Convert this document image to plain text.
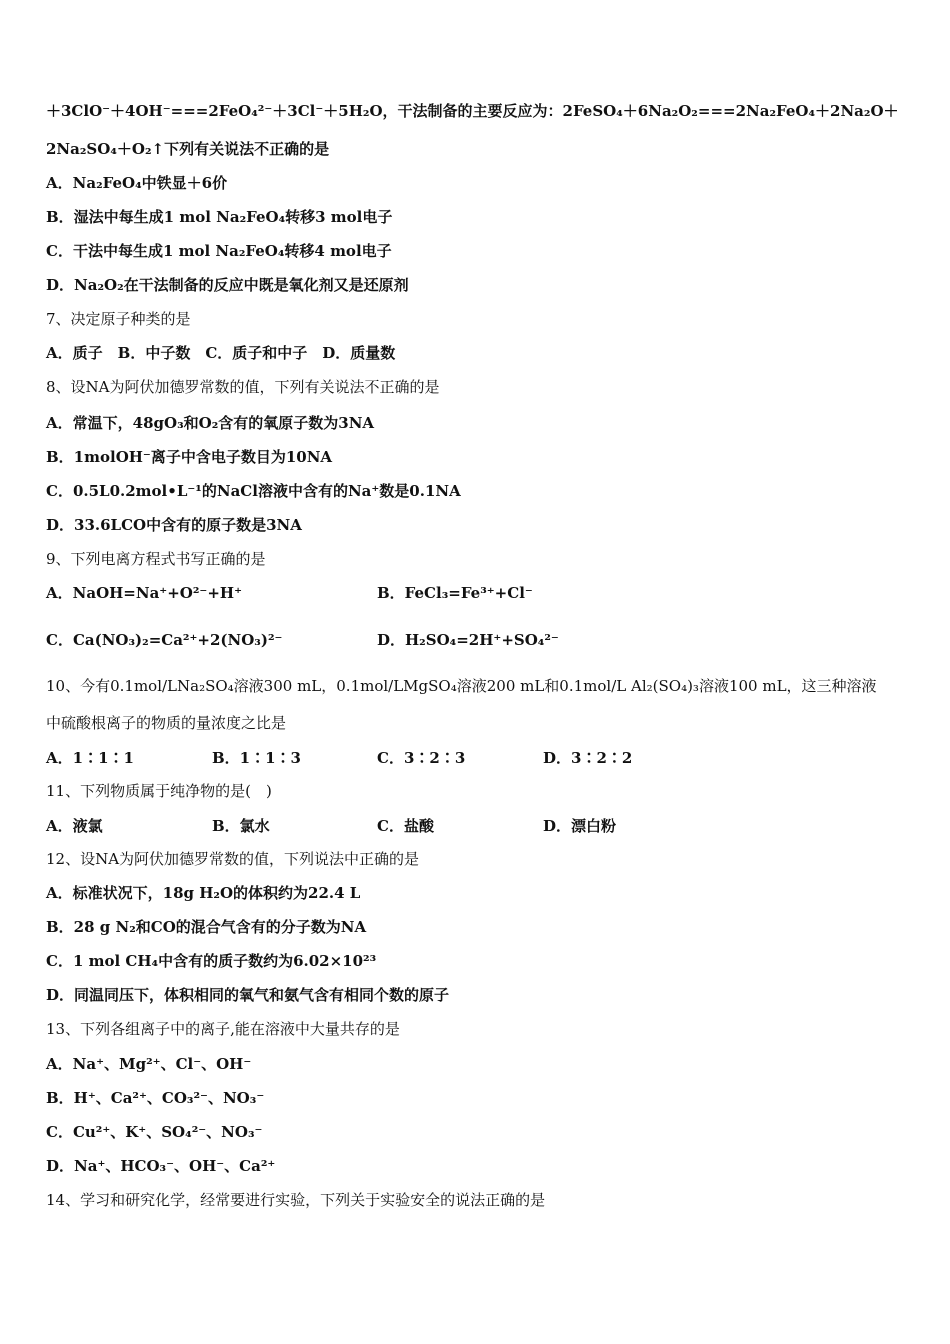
＋3ClO⁻＋4OH⁻===2FeO₄²⁻＋3Cl⁻＋5H₂O，干法制备的主要反应为：2FeSO₄＋6Na₂O₂===2Na₂FeO₄＋2Na₂O＋
2Na₂SO₄＋O₂↑下列有关说法不正确的是
A．Na₂FeO₄中铁显＋6价
B．湿法中每生成1 mol Na₂FeO₄转移3 mol电子
C．干法中每生成1 mol Na₂FeO₄转移4 mol电子
D．Na₂O₂在干法制备的反应中既是氧化剂又是还原剂
7、决定原子种类的是
A．质子　B．中子数　C．质子和中子　D．质量数
8、设NA为阿伏加德罗常数的值，下列有关说法不正确的是
A．常温下，48gO₃和O₂含有的氧原子数为3NA
B．1molOH⁻离子中含电子数目为10NA
C．0.5L0.2mol•L⁻¹的NaCl溶液中含有的Na⁺数是0.1NA
D．33.6LCO中含有的原子数是3NA
9、下列电离方程式书写正确的是
A．NaOH=Na⁺+O²⁻+H⁺	B．FeCl₃=Fe³⁺+Cl⁻
C．Ca(NO₃)₂=Ca²⁺+2(NO₃)²⁻	D．H₂SO₄=2H⁺+SO₄²⁻
10、今有0.1mol/LNa₂SO₄溶液300 mL，0.1mol/LMgSO₄溶液200 mL和0.1mol/L Al₂(SO₄)₃溶液100 mL，这三种溶液
中硫酸根离子的物质的量浓度之比是
A．1∶1∶1	B．1∶1∶3	C．3∶2∶3	D．3∶2∶2
11、下列物质属于纯净物的是(　)
A．液氯	B．氯水	C．盐酸	D．漂白粉
12、设NA为阿伏加德罗常数的值，下列说法中正确的是
A．标准状况下，18g H₂O的体积约为22.4 L
B．28 g N₂和CO的混合气含有的分子数为NA
C．1 mol CH₄中含有的质子数约为6.02×10²³
D．同温同压下，体积相同的氧气和氨气含有相同个数的原子
13、下列各组离子中的离子,能在溶液中大量共存的是
A．Na⁺、Mg²⁺、Cl⁻、OH⁻
B．H⁺、Ca²⁺、CO₃²⁻、NO₃⁻
C．Cu²⁺、K⁺、SO₄²⁻、NO₃⁻
D．Na⁺、HCO₃⁻、OH⁻、Ca²⁺
14、学习和研究化学，经常要进行实验，下列关于实验安全的说法正确的是
